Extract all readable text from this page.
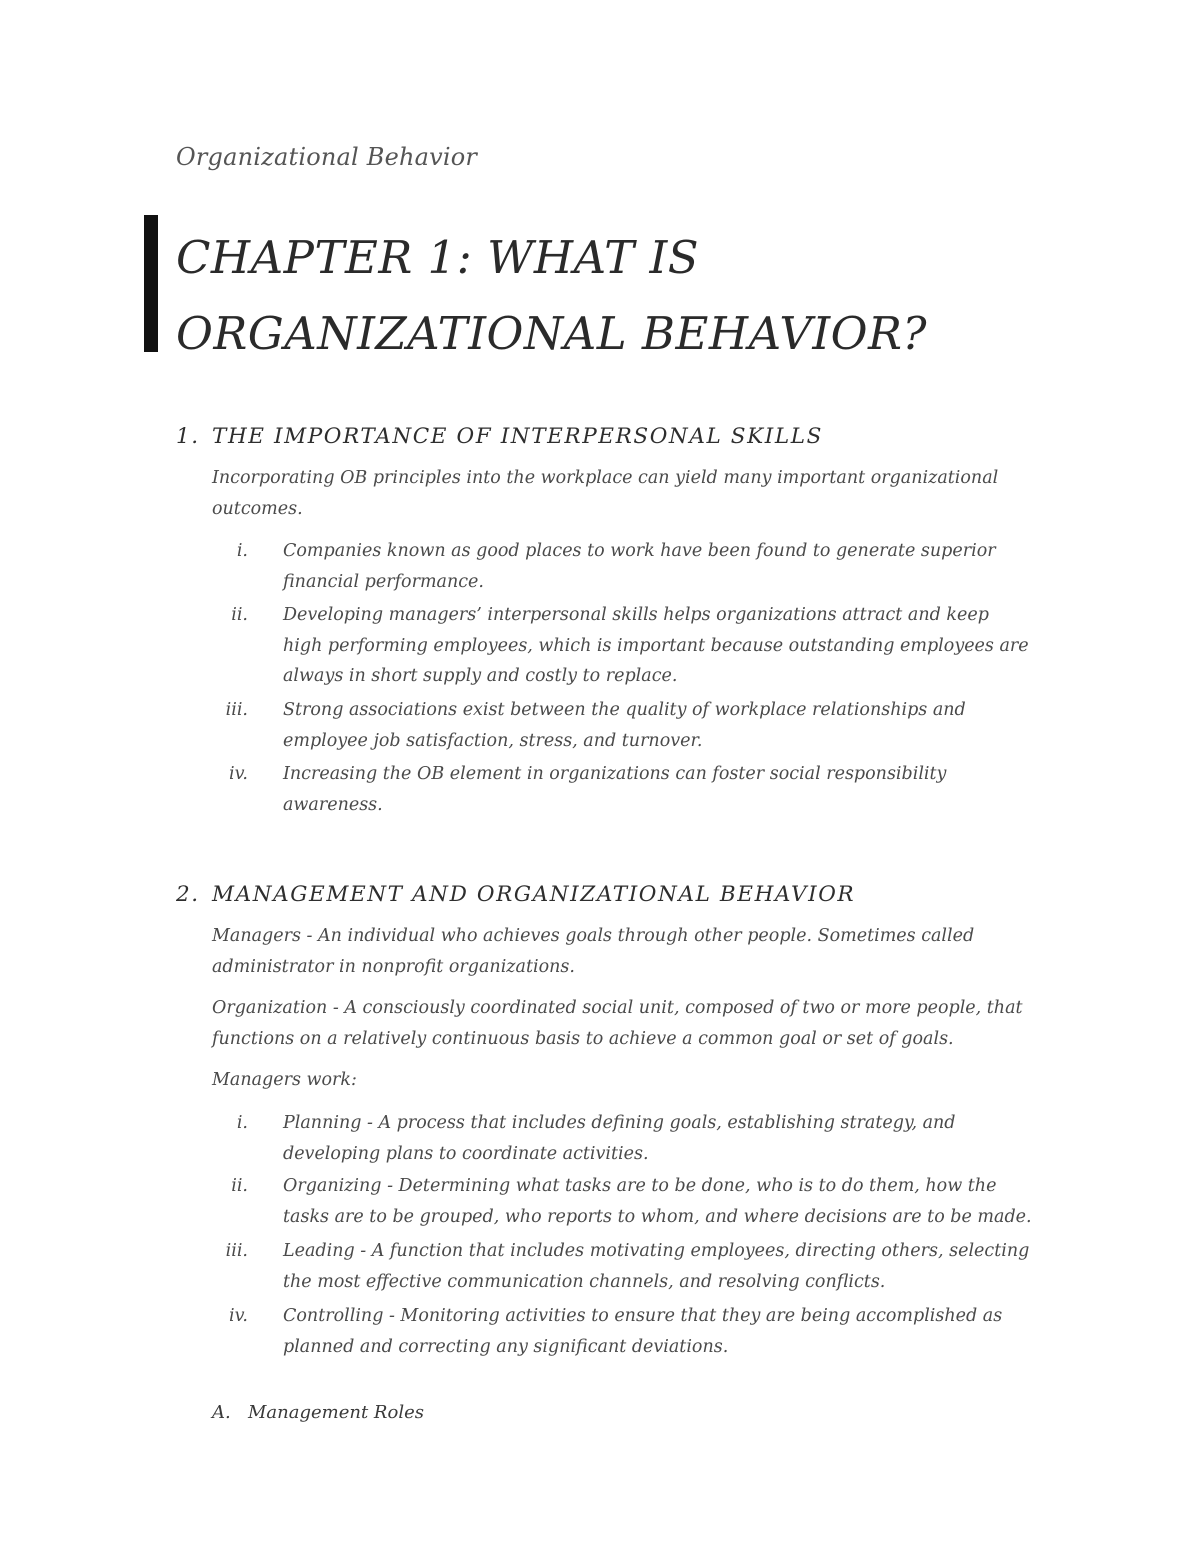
Organizational Behavior
CHAPTER 1: WHAT IS
ORGANIZATIONAL BEHAVIOR?
1. THE IMPORTANCE OF INTERPERSONAL SKILLS

Incorporating OB principles into the workplace can yield many important organizational outcomes.

i. Companies known as good places to work have been found to generate superior financial performance.
ii. Developing managers’ interpersonal skills helps organizations attract and keep high performing employees, which is important because outstanding employees are always in short supply and costly to replace.
iii. Strong associations exist between the quality of workplace relationships and employee job satisfaction, stress, and turnover.
iv. Increasing the OB element in organizations can foster social responsibility awareness.
2. MANAGEMENT AND ORGANIZATIONAL BEHAVIOR

Managers - An individual who achieves goals through other people. Sometimes called administrator in nonprofit organizations.

Organization - A consciously coordinated social unit, composed of two or more people, that functions on a relatively continuous basis to achieve a common goal or set of goals.

Managers work:

i. Planning - A process that includes defining goals, establishing strategy, and developing plans to coordinate activities.
ii. Organizing - Determining what tasks are to be done, who is to do them, how the tasks are to be grouped, who reports to whom, and where decisions are to be made.
iii. Leading - A function that includes motivating employees, directing others, selecting the most effective communication channels, and resolving conflicts.
iv. Controlling - Monitoring activities to ensure that they are being accomplished as planned and correcting any significant deviations.
A. Management Roles
